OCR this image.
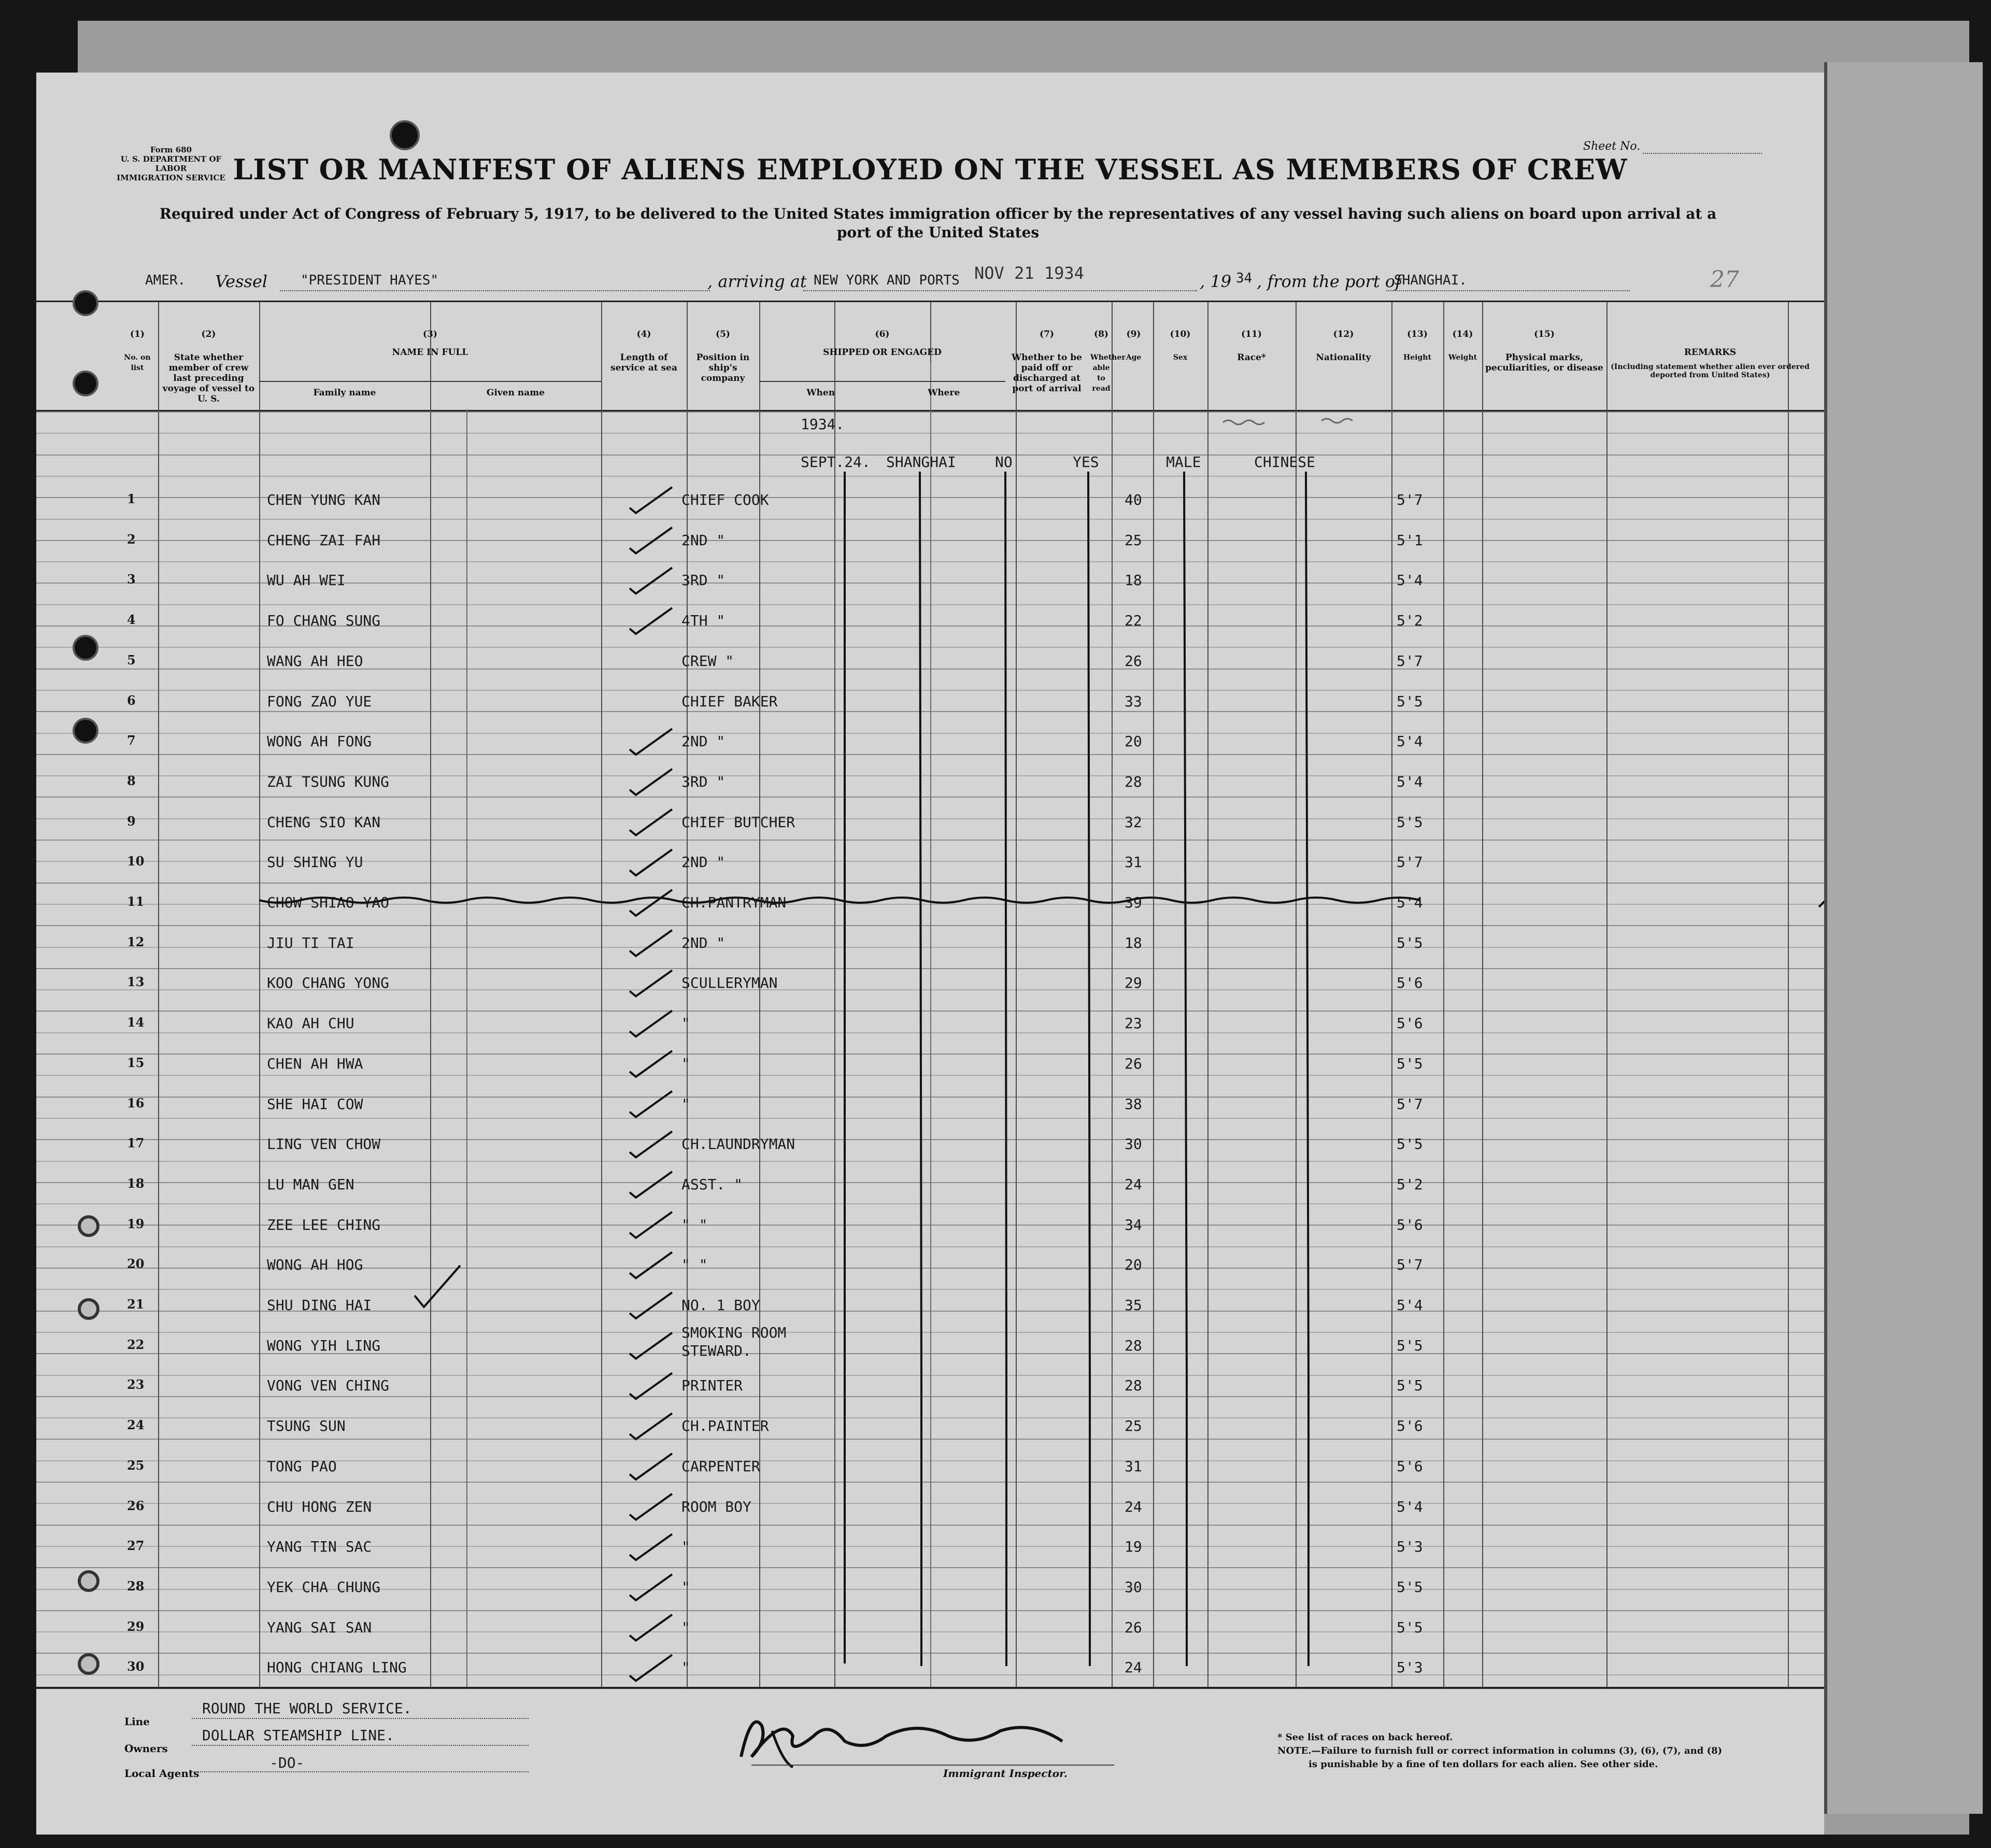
Form 680
U. S. DEPARTMENT OF LABOR
IMMIGRATION SERVICE
Sheet No.
LIST OR MANIFEST OF ALIENS EMPLOYED ON THE VESSEL AS MEMBERS OF CREW
Required under Act of Congress of February 5, 1917, to be delivered to the United States immigration officer by the representatives of any vessel having such aliens on board upon arrival at a
port of the United States
AMER. Vessel "PRESIDENT HAYES"	, arriving at NEW YORK AND PORTS NOV 21 1934	, 19 34 , from the port of
SHANGHAI.	27
(1)
No. on list
(2)
State whether member of crew last preceding voyage of vessel to U. S.
(3)
NAME IN FULL
Family name	Given name
(4)
Length of service at sea
(5)
Position in ship's company
(6)
SHIPPED OR ENGAGED
When	Where
(7)
Whether to be paid off or discharged at port of arrival
(8)
Whether able to read
(9)
Age
(10)
Sex
(11)
Race*
(12)
Nationality
(13)
Height
(14)
Weight
(15)
Physical marks, peculiarities, or disease
REMARKS
(Including statement whether alien ever ordered deported from United States)
1	CHEN YUNG KAN	CHIEF COOK	40	5'7
2	CHENG ZAI FAH	2ND "	25	5'1
3	WU AH WEI	3RD "	18	5'4
4	FO CHANG SUNG	4TH "	22	5'2
5	WANG AH HEO	CREW "	26	5'7
6	FONG ZAO YUE	CHIEF BAKER	33	5'5
7	WONG AH FONG	2ND "	20	5'4
8	ZAI TSUNG KUNG	3RD "	28	5'4
9	CHENG SIO KAN	CHIEF BUTCHER	32	5'5
10	SU SHING YU	2ND "	31	5'7
11	CHOW SHIAO YAO	CH.PANTRYMAN	39	5'4
12	JIU TI TAI	2ND "	18	5'5
13	KOO CHANG YONG	SCULLERYMAN	29	5'6
14	KAO AH CHU	"	23	5'6
15	CHEN AH HWA	"	26	5'5
16	SHE HAI COW	"	38	5'7
17	LING VEN CHOW	CH.LAUNDRYMAN	30	5'5
18	LU MAN GEN	ASST. "	24	5'2
19	ZEE LEE CHING	" "	34	5'6
20	WONG AH HOG	" "	20	5'7
21	SHU DING HAI	NO. 1 BOY	35	5'4
22	WONG YIH LING
SMOKING ROOM
STEWARD.	28	5'5
23	VONG VEN CHING	PRINTER	28	5'5
24	TSUNG SUN	CH.PAINTER	25	5'6
25	TONG PAO	CARPENTER	31	5'6
26	CHU HONG ZEN	ROOM BOY	24	5'4
27	YANG TIN SAC	"	19	5'3
28	YEK CHA CHUNG	"	30	5'5
29	YANG SAI SAN	"	26	5'5
30	HONG CHIANG LING	"	24	5'3
1934.
SEPT.24. SHANGHAI	NO	YES	MALE	CHINESE
Line
ROUND THE WORLD SERVICE.
Owners
DOLLAR STEAMSHIP LINE.
Local Agents
-DO-
Immigrant Inspector.
* See list of races on back hereof.
NOTE.—Failure to furnish full or correct information in columns (3), (6), (7), and (8)
is punishable by a fine of ten dollars for each alien. See other side.
